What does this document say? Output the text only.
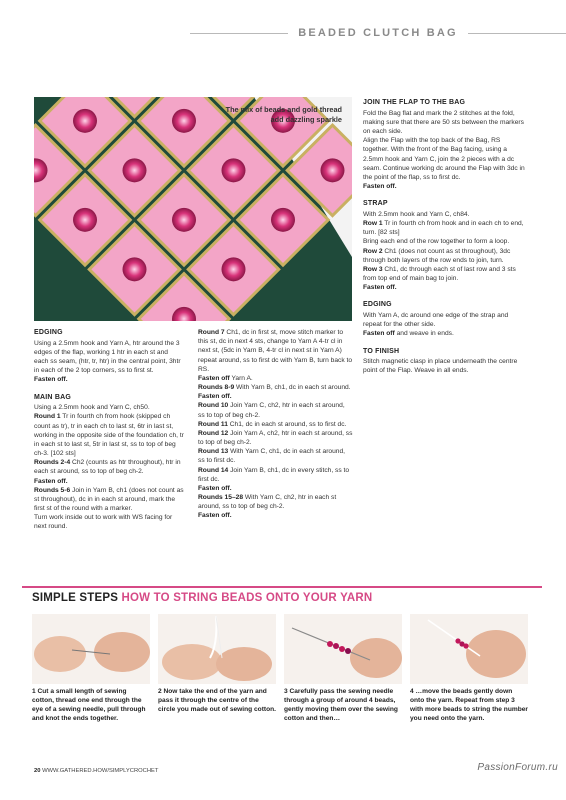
BEADED CLUTCH BAG
The mix of beads and gold thread add dazzling sparkle

EDGING

Using a 2.5mm hook and Yarn A, htr around the 3 edges of the flap, working 1 htr in each st and each ss seam, (htr, tr, htr) in the central point, 3htr in each of the 2 top corners, ss to first st.

Fasten off.

MAIN BAG

Using a 2.5mm hook and Yarn C, ch50.

Round 1 Tr in fourth ch from hook (skipped ch count as tr), tr in each ch to last st, 6tr in last st, working in the opposite side of the foundation ch, tr in each st to last st, 5tr in last st, ss to top of beg ch-3. [102 sts]

Rounds 2-4 Ch2 (counts as htr throughout), htr in each st around, ss to top of beg ch-2.

Fasten off.

Rounds 5-6 Join in Yarn B, ch1 (does not count as st throughout), dc in in each st around, mark the first st of the round with a marker.

Turn work inside out to work with WS facing for next round.

Round 7 Ch1, dc in first st, move stitch marker to this st, dc in next 4 sts, change to Yarn A 4-tr cl in next st, (5dc in Yarn B, 4-tr cl in next st in Yarn A) repeat around, ss to first dc with Yarn B, turn back to RS.

Fasten off Yarn A.

Rounds 8-9 With Yarn B, ch1, dc in each st around.

Fasten off.

Round 10 Join Yarn C, ch2, htr in each st around, ss to top of beg ch-2.

Round 11 Ch1, dc in each st around, ss to first dc.

Round 12 Join Yarn A, ch2, htr in each st around, ss to top of beg ch-2.

Round 13 With Yarn C, ch1, dc in each st around, ss to first dc.

Round 14 Join Yarn B, ch1, dc in every stitch, ss to first dc.

Fasten off.

Rounds 15–28 With Yarn C, ch2, htr in each st around, ss to top of beg ch-2.

Fasten off.

JOIN THE FLAP TO THE BAG

Fold the Bag flat and mark the 2 stitches at the fold, making sure that there are 50 sts between the markers on each side.

Align the Flap with the top back of the Bag, RS together. With the front of the Bag facing, using a 2.5mm hook and Yarn C, join the 2 pieces with a dc seam. Continue working dc around the Flap with 3dc in the point of the flap, ss to first dc.

Fasten off.

STRAP

With 2.5mm hook and Yarn C, ch84.

Row 1 Tr in fourth ch from hook and in each ch to end, turn. [82 sts]

Bring each end of the row together to form a loop.

Row 2 Ch1 (does not count as st throughout), 3dc through both layers of the row ends to join, turn.

Row 3 Ch1, dc through each st of last row and 3 sts from top end of main bag to join.

Fasten off.

EDGING

With Yarn A, dc around one edge of the strap and repeat for the other side.

Fasten off and weave in ends.

TO FINISH

Stitch magnetic clasp in place underneath the centre point of the Flap. Weave in all ends.

SIMPLE STEPS HOW TO STRING BEADS ONTO YOUR YARN
1 Cut a small length of sewing cotton, thread one end through the eye of a sewing needle, pull through and knot the ends together.
2 Now take the end of the yarn and pass it through the centre of the circle you made out of sewing cotton.
3 Carefully pass the sewing needle through a group of around 4 beads, gently moving them over the sewing cotton and then…
4 …move the beads gently down onto the yarn. Repeat from step 3 with more beads to string the number you need onto the yarn.
20 WWW.GATHERED.HOW/SIMPLYCROCHET	PassionForum.ru
